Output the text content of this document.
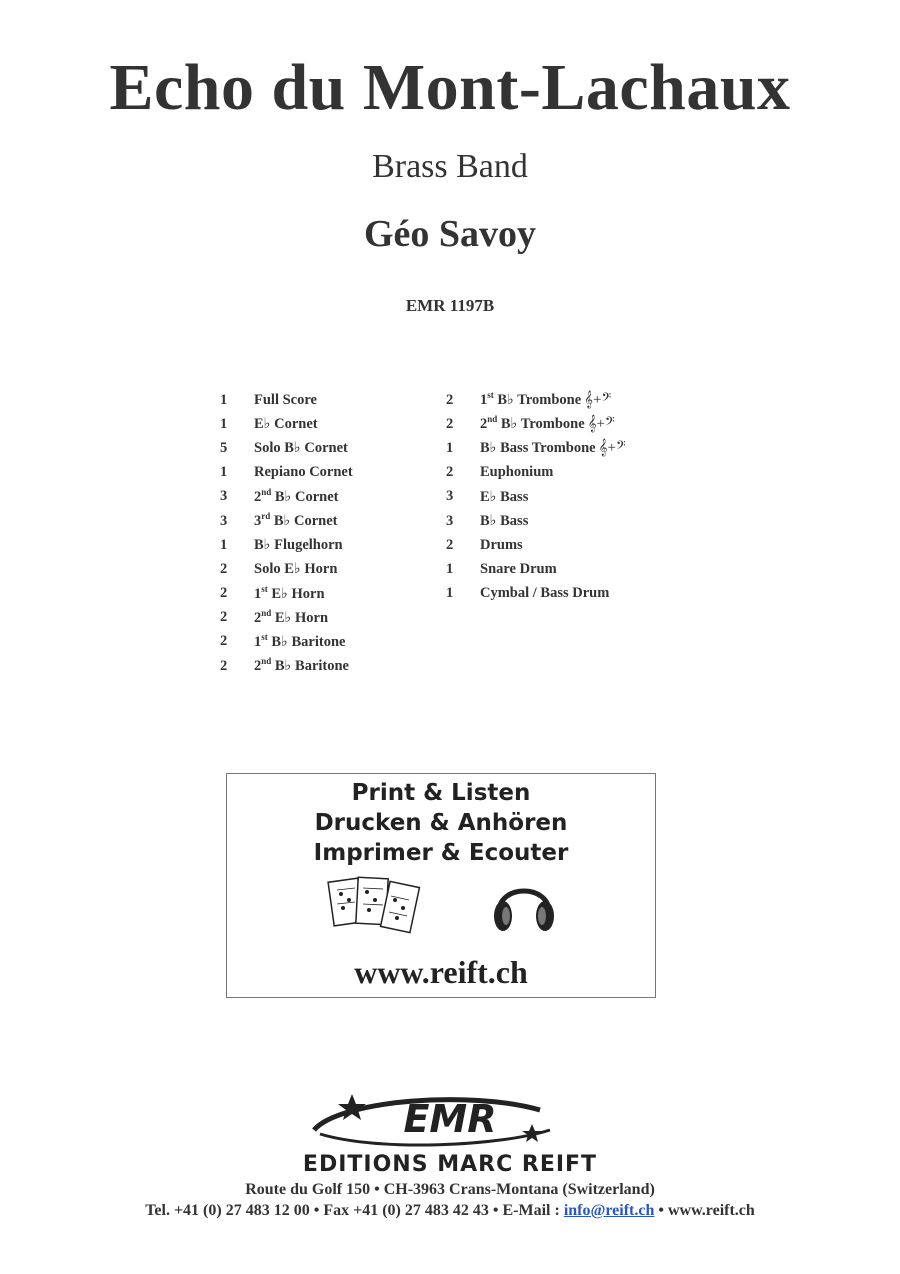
Echo du Mont-Lachaux
Brass Band
Géo Savoy
EMR 1197B
1	Full Score
1	E♭ Cornet
5	Solo B♭ Cornet
1	Repiano Cornet
3	2nd B♭ Cornet
3	3rd B♭ Cornet
1	B♭ Flugelhorn
2	Solo E♭ Horn
2	1st E♭ Horn
2	2nd E♭ Horn
2	1st B♭ Baritone
2	2nd B♭ Baritone
2	1st B♭ Trombone 𝄞+𝄢
2	2nd B♭ Trombone 𝄞+𝄢
1	B♭ Bass Trombone 𝄞+𝄢
2	Euphonium
3	E♭ Bass
3	B♭ Bass
2	Drums
1	Snare Drum
1	Cymbal / Bass Drum
Print & Listen
Drucken & Anhören
Imprimer & Ecouter
www.reift.ch
EMR
EDITIONS MARC REIFT
Route du Golf 150 • CH-3963 Crans-Montana (Switzerland)
Tel. +41 (0) 27 483 12 00 • Fax +41 (0) 27 483 42 43 • E-Mail : info@reift.ch • www.reift.ch
